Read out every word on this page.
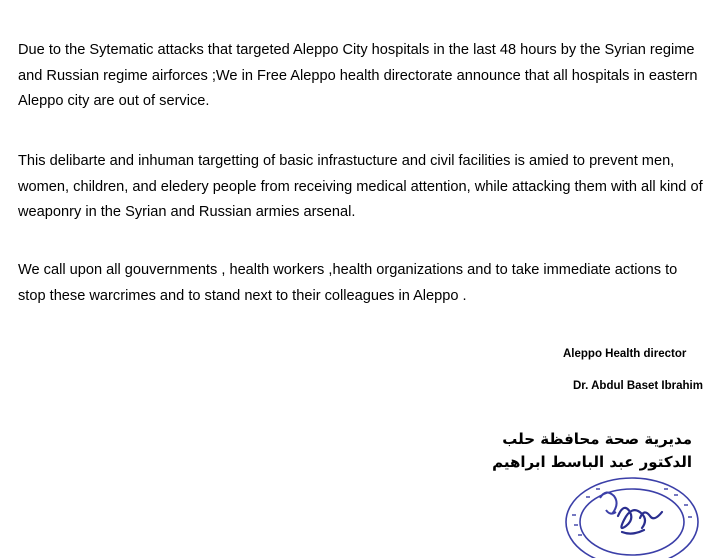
Due to the Sytematic attacks that targeted Aleppo City hospitals in the last 48 hours by the Syrian regime and Russian regime airforces ;We in Free Aleppo health directorate announce that all hospitals in eastern Aleppo city are out of service.

This delibarte and inhuman targetting of basic infrastucture and civil facilities is amied to prevent men, women, children, and eledery people from receiving medical attention, while attacking them with all kind of weaponry in the Syrian and Russian armies arsenal.

We call upon all gouvernments , health workers ,health organizations and to take immediate actions to stop these warcrimes and to stand next to their colleagues in Aleppo .

Aleppo Health director
Dr. Abdul Baset Ibrahim
مديرية صحة محافظة حلب
الدكتور عبد الباسط ابراهيم
